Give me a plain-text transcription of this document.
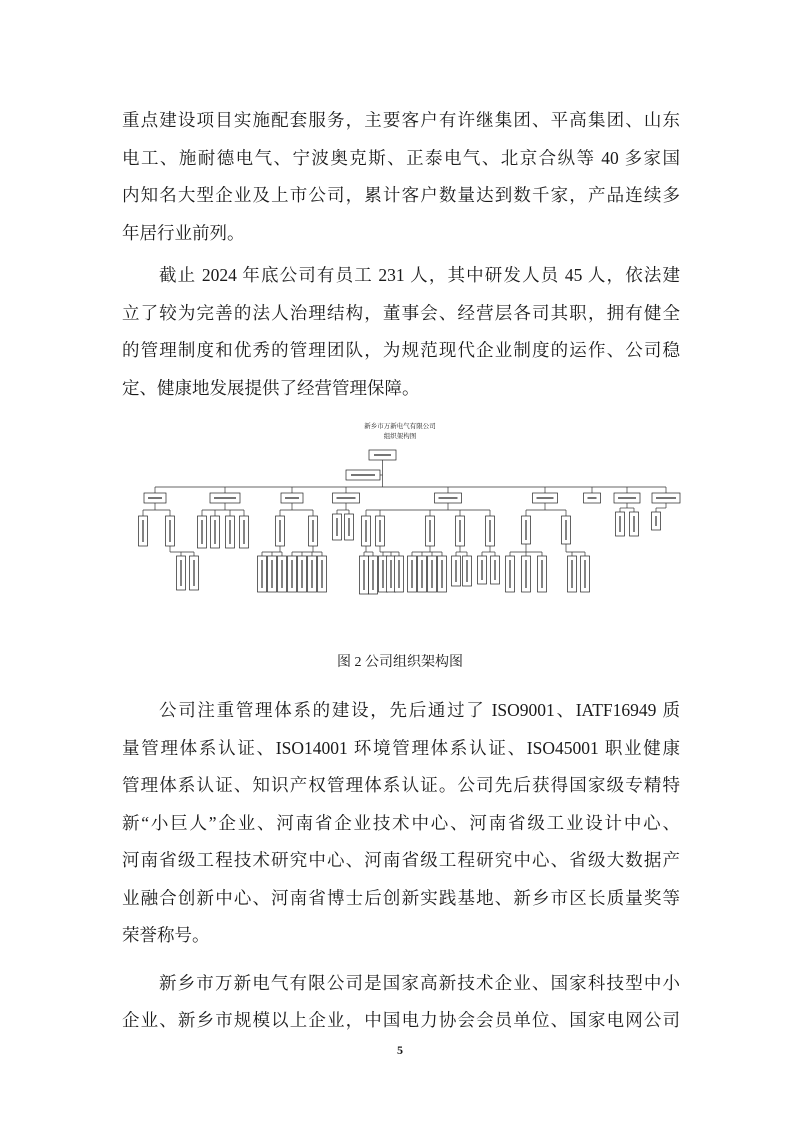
重点建设项目实施配套服务，主要客户有许继集团、平高集团、山东
电工、施耐德电气、宁波奥克斯、正泰电气、北京合纵等 40 多家国
内知名大型企业及上市公司，累计客户数量达到数千家，产品连续多
年居行业前列。
截止 2024 年底公司有员工 231 人，其中研发人员 45 人，依法建
立了较为完善的法人治理结构，董事会、经营层各司其职，拥有健全
的管理制度和优秀的管理团队，为规范现代企业制度的运作、公司稳
定、健康地发展提供了经营管理保障。
新乡市万新电气有限公司
组织架构图
图 2 公司组织架构图
公司注重管理体系的建设，先后通过了 ISO9001、IATF16949 质
量管理体系认证、ISO14001 环境管理体系认证、ISO45001 职业健康
管理体系认证、知识产权管理体系认证。公司先后获得国家级专精特
新“小巨人”企业、河南省企业技术中心、河南省级工业设计中心、
河南省级工程技术研究中心、河南省级工程研究中心、省级大数据产
业融合创新中心、河南省博士后创新实践基地、新乡市区长质量奖等
荣誉称号。
新乡市万新电气有限公司是国家高新技术企业、国家科技型中小
企业、新乡市规模以上企业，中国电力协会会员单位、国家电网公司
5
